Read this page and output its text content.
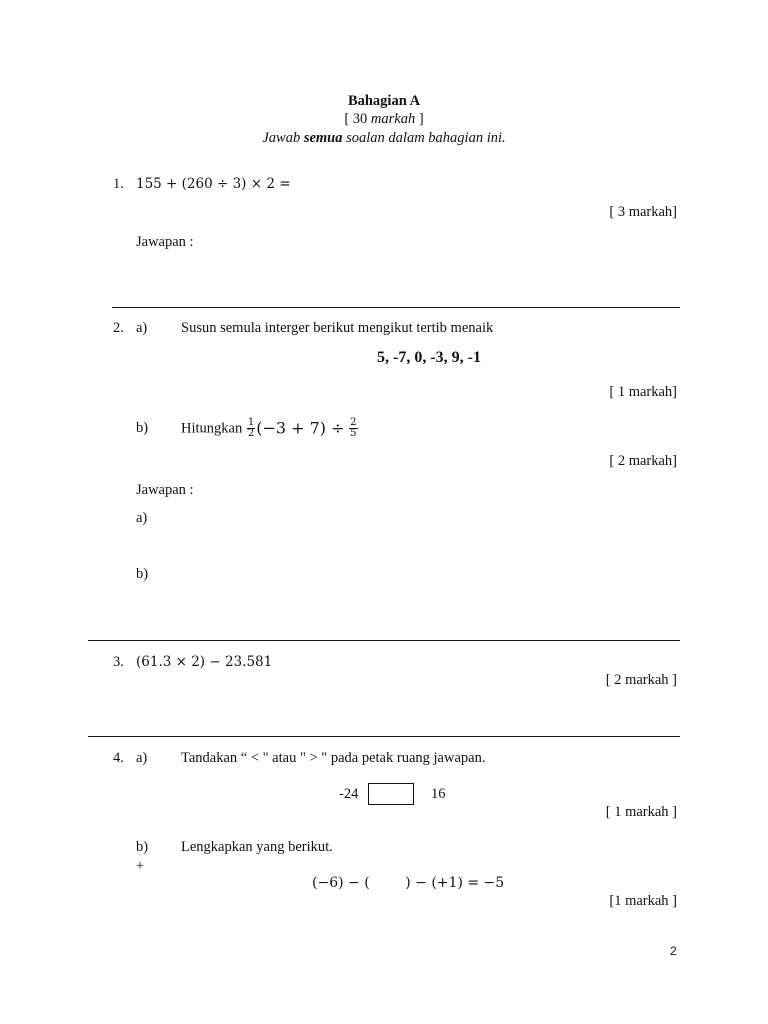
Bahagian A
[ 30 markah ]
Jawab semua soalan dalam bahagian ini.
1. 155 + (260 ÷ 3) × 2 =
[ 3 markah]
Jawapan :
2. a) Susun semula interger berikut mengikut tertib menaik
5, -7, 0, -3, 9, -1
[ 1 markah]
b) Hitungkan $\frac{1}{2} (-3 + 7) \div \frac{2}{5}$
[ 2 markah]
Jawapan :
a)
b)
3. (61.3 × 2) − 23.581
[ 2 markah ]
4. a) Tandakan “ < " atau " > " pada petak ruang jawapan.
-24	16
[ 1 markah ]
b) Lengkapkan yang berikut.
+
(−6) − (        ) − (+1) = −5
[1 markah ]
2
